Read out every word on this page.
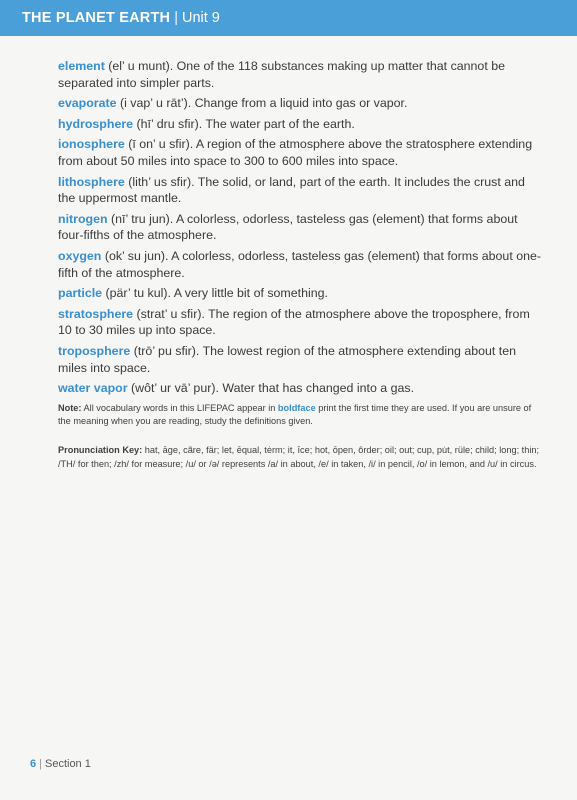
THE PLANET EARTH | Unit 9

element (el’ u munt). One of the 118 substances making up matter that cannot be separated into simpler parts.

evaporate (i vap’ u rāt’). Change from a liquid into gas or vapor.

hydrosphere (hī’ dru sfir). The water part of the earth.

ionosphere (ī on’ u sfir). A region of the atmosphere above the stratosphere extending from about 50 miles into space to 300 to 600 miles into space.

lithosphere (lith’ us sfir). The solid, or land, part of the earth. It includes the crust and the uppermost mantle.

nitrogen (nī’ tru jun). A colorless, odorless, tasteless gas (element) that forms about four-fifths of the atmosphere.

oxygen (ok’ su jun). A colorless, odorless, tasteless gas (element) that forms about one-fifth of the atmosphere.

particle (pär’ tu kul). A very little bit of something.

stratosphere (strat’ u sfir). The region of the atmosphere above the troposphere, from 10 to 30 miles up into space.

troposphere (trō’ pu sfir). The lowest region of the atmosphere extending about ten miles into space.

water vapor (wôt’ ur vā’ pur). Water that has changed into a gas.

Note: All vocabulary words in this LIFEPAC appear in boldface print the first time they are used. If you are unsure of the meaning when you are reading, study the definitions given.

Pronunciation Key: hat, āge, cãre, fär; let, ēqual, tėrm; it, īce; hot, ōpen, ôrder; oil; out; cup, pu̇t, rüle; child; long; thin; /TH/ for then; /zh/ for measure; /u/ or /ə/ represents /a/ in about, /e/ in taken, /i/ in pencil, /o/ in lemon, and /u/ in circus.

6 | Section 1
